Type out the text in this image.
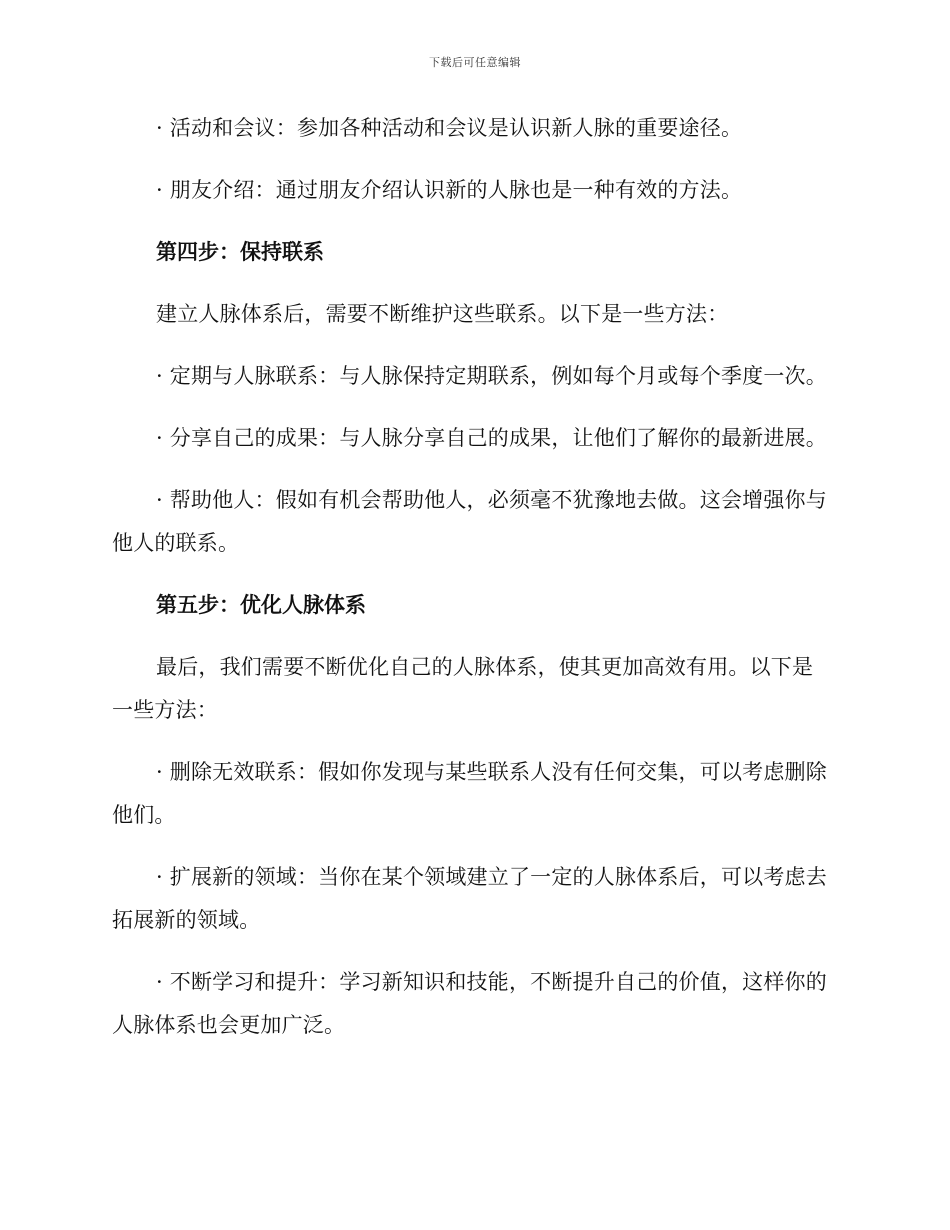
下载后可任意编辑

· 活动和会议：参加各种活动和会议是认识新人脉的重要途径。

· 朋友介绍：通过朋友介绍认识新的人脉也是一种有效的方法。

第四步：保持联系

建立人脉体系后，需要不断维护这些联系。以下是一些方法：

· 定期与人脉联系：与人脉保持定期联系，例如每个月或每个季度一次。

· 分享自己的成果：与人脉分享自己的成果，让他们了解你的最新进展。

· 帮助他人：假如有机会帮助他人，必须毫不犹豫地去做。这会增强你与他人的联系。

第五步：优化人脉体系

最后，我们需要不断优化自己的人脉体系，使其更加高效有用。以下是一些方法：

· 删除无效联系：假如你发现与某些联系人没有任何交集，可以考虑删除他们。

· 扩展新的领域：当你在某个领域建立了一定的人脉体系后，可以考虑去拓展新的领域。

· 不断学习和提升：学习新知识和技能，不断提升自己的价值，这样你的人脉体系也会更加广泛。
